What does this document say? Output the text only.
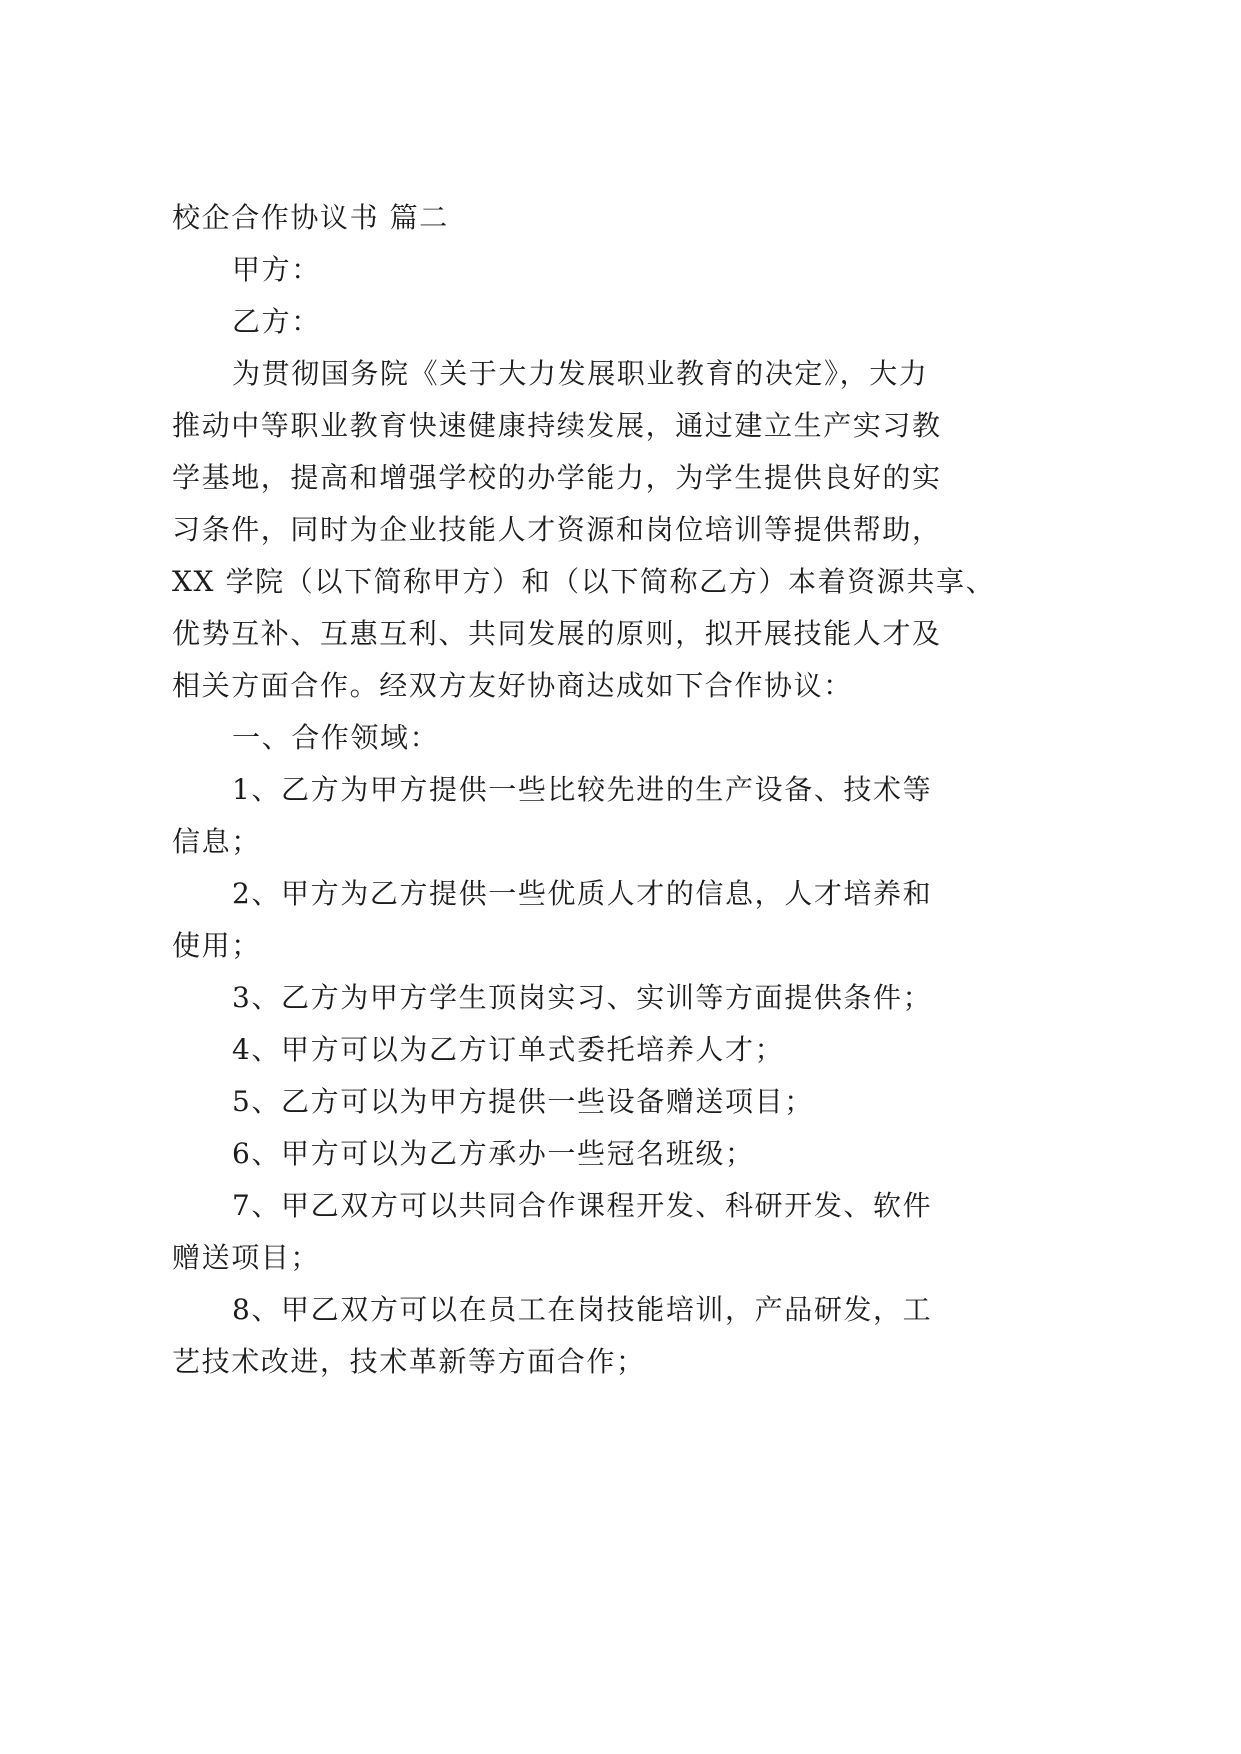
校企合作协议书 篇二
甲方：
乙方：
为贯彻国务院《关于大力发展职业教育的决定》，大力
推动中等职业教育快速健康持续发展，通过建立生产实习教
学基地，提高和增强学校的办学能力，为学生提供良好的实
习条件，同时为企业技能人才资源和岗位培训等提供帮助，
XX 学院（以下简称甲方）和（以下简称乙方）本着资源共享、
优势互补、互惠互利、共同发展的原则，拟开展技能人才及
相关方面合作。经双方友好协商达成如下合作协议：
一、合作领域：
1、乙方为甲方提供一些比较先进的生产设备、技术等
信息；
2、甲方为乙方提供一些优质人才的信息，人才培养和
使用；
3、乙方为甲方学生顶岗实习、实训等方面提供条件；
4、甲方可以为乙方订单式委托培养人才；
5、乙方可以为甲方提供一些设备赠送项目；
6、甲方可以为乙方承办一些冠名班级；
7、甲乙双方可以共同合作课程开发、科研开发、软件
赠送项目；
8、甲乙双方可以在员工在岗技能培训，产品研发，工
艺技术改进，技术革新等方面合作；
